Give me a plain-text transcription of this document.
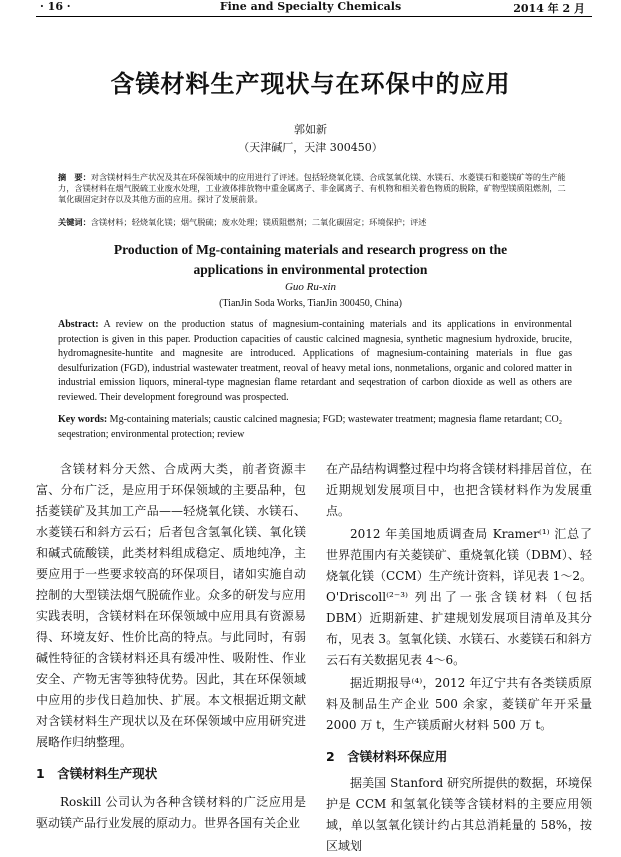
· 16 ·	Fine and Specialty Chemicals	2014 年 2 月
含镁材料生产现状与在环保中的应用
郭如新
（天津碱厂，天津 300450）
摘　要：对含镁材料生产状况及其在环保领域中的应用进行了评述。包括轻烧氧化镁、合成氢氧化镁、水镁石、水菱镁石和菱镁矿等的生产能力，含镁材料在烟气脱硫工业废水处理，工业液体排放物中重金属离子、非金属离子、有机物和相关着色物质的脱除，矿物型镁质阻燃剂，二氧化碳固定封存以及其他方面的应用。探讨了发展前景。
关键词：含镁材料；轻烧氧化镁；烟气脱硫；废水处理；镁质阻燃剂；二氧化碳固定；环境保护；评述
Production of Mg-containing materials and research progress on the
applications in environmental protection
Guo Ru-xin
(TianJin Soda Works, TianJin 300450, China)
Abstract: A review on the production status of magnesium-containing materials and its applications in environmental protection is given in this paper. Production capacities of caustic calcined magnesia, synthetic magnesium hydroxide, brucite, hydromagnesite-huntite and magnesite are introduced. Applications of magnesium-containing materials in flue gas desulfurization (FGD), industrial wastewater treatment, reoval of heavy metal ions, nonmetalions, organic and colored matter in industrial emission liquors, mineral-type magnesian flame retardant and seqestration of carbon dioxide as well as others are reviewed. Their development foreground was prospected.
Key words: Mg-containing materials; caustic calcined magnesia; FGD; wastewater treatment; magnesia flame retardant; CO₂ seqestration; environmental protection; review

含镁材料分天然、合成两大类，前者资源丰富、分布广泛，是应用于环保领域的主要品种，包括菱镁矿及其加工产品——轻烧氧化镁、水镁石、水菱镁石和斜方云石；后者包含氢氧化镁、氧化镁和碱式硫酸镁，此类材料组成稳定、质地纯净，主要应用于一些要求较高的环保项目，诸如实施自动控制的大型镁法烟气脱硫作业。众多的研发与应用实践表明，含镁材料在环保领域中应用具有资源易得、环境友好、性价比高的特点。与此同时，有弱碱性特征的含镁材料还具有缓冲性、吸附性、作业安全、产物无害等独特优势。因此，其在环保领域中应用的步伐日趋加快、扩展。本文根据近期文献对含镁材料生产现状以及在环保领域中应用研究进展略作归纳整理。

1　含镁材料生产现状

Roskill 公司认为各种含镁材料的广泛应用是驱动镁产品行业发展的原动力。世界各国有关企业

在产品结构调整过程中均将含镁材料排居首位，在近期规划发展项目中，也把含镁材料作为发展重点。

2012 年美国地质调查局 Kramer⁽¹⁾ 汇总了世界范围内有关菱镁矿、重烧氧化镁（DBM）、轻烧氧化镁（CCM）生产统计资料，详见表 1～2。O'Driscoll⁽²⁻³⁾ 列出了一张含镁材料（包括 DBM）近期新建、扩建规划发展项目清单及其分布，见表 3。氢氧化镁、水镁石、水菱镁石和斜方云石有关数据见表 4～6。

据近期报导⁽⁴⁾，2012 年辽宁共有各类镁质原料及制品生产企业 500 余家，菱镁矿年开采量 2000 万 t，生产镁质耐火材料 500 万 t。

2　含镁材料环保应用

据美国 Stanford 研究所提供的数据，环境保护是 CCM 和氢氧化镁等含镁材料的主要应用领域，单以氢氧化镁计约占其总消耗量的 58%，按区域划
